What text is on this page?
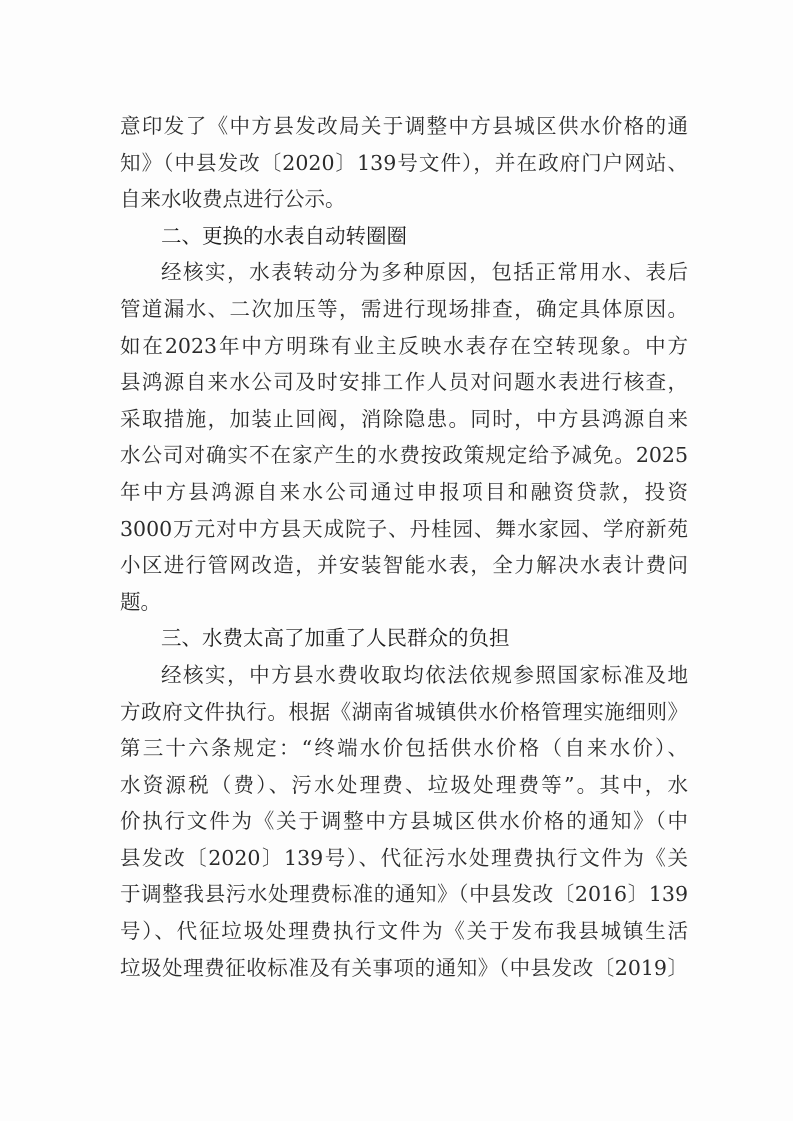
意印发了《中方县发改局关于调整中方县城区供水价格的通

知》（中县发改〔2020〕139号文件），并在政府门户网站、

自来水收费点进行公示。

二、更换的水表自动转圈圈

经核实，水表转动分为多种原因，包括正常用水、表后

管道漏水、二次加压等，需进行现场排查，确定具体原因。

如在2023年中方明珠有业主反映水表存在空转现象。中方

县鸿源自来水公司及时安排工作人员对问题水表进行核查，

采取措施，加装止回阀，消除隐患。同时，中方县鸿源自来

水公司对确实不在家产生的水费按政策规定给予减免。2025

年中方县鸿源自来水公司通过申报项目和融资贷款，投资

3000万元对中方县天成院子、丹桂园、舞水家园、学府新苑

小区进行管网改造，并安装智能水表，全力解决水表计费问

题。

三、水费太高了加重了人民群众的负担

经核实，中方县水费收取均依法依规参照国家标准及地

方政府文件执行。根据《湖南省城镇供水价格管理实施细则》

第三十六条规定：“终端水价包括供水价格（自来水价）、

水资源税（费）、污水处理费、垃圾处理费等”。其中，水

价执行文件为《关于调整中方县城区供水价格的通知》（中

县发改〔2020〕139号）、代征污水处理费执行文件为《关

于调整我县污水处理费标准的通知》（中县发改〔2016〕139

号）、代征垃圾处理费执行文件为《关于发布我县城镇生活

垃圾处理费征收标准及有关事项的通知》（中县发改〔2019〕
